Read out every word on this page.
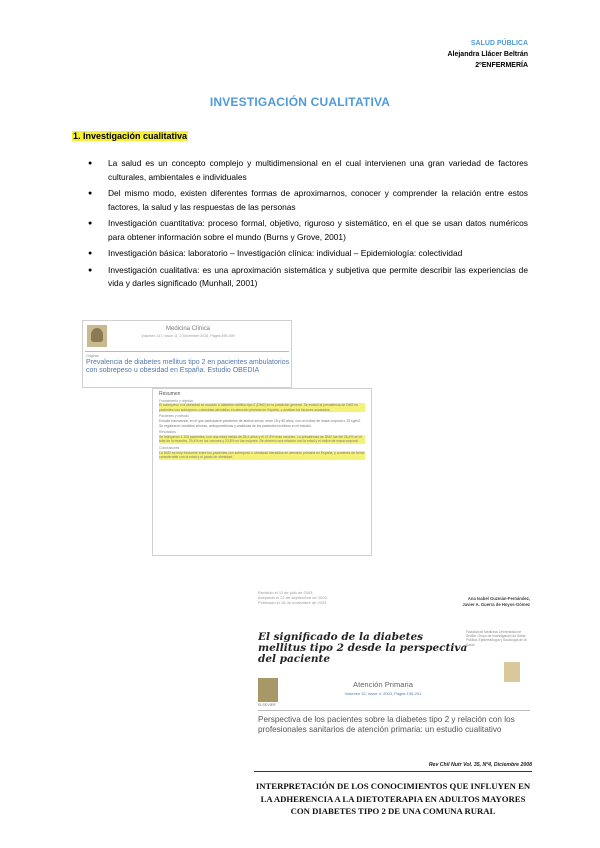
SALUD PÚBLICA
Alejandra Llácer Beltrán
2ºENFERMERÍA
INVESTIGACIÓN CUALITATIVA
1. Investigación cualitativa
● La salud es un concepto complejo y multidimensional en el cual intervienen una gran variedad de factores culturales, ambientales e individuales
● Del mismo modo, existen diferentes formas de aproximarnos, conocer y comprender la relación entre estos factores, la salud y las respuestas de las personas
● Investigación cuantitativa: proceso formal, objetivo, riguroso y sistemático, en el que se usan datos numéricos para obtener información sobre el mundo (Burns y Grove, 2001)
● Investigación básica: laboratorio – Investigación clínica: individual – Epidemiología: colectividad
● Investigación cualitativa: es una aproximación sistemática y subjetiva que permite describir las experiencias de vida y darles significado (Munhall, 2001)
Medicina Clínica
Volumen 147, Issue 11, 2 December 2016, Pages 495-499
Original
Prevalencia de diabetes mellitus tipo 2 en pacientes ambulatorios con sobrepeso u obesidad en España. Estudio OBEDIA
Resumen
Fundamento y objetivo
El sobrepeso o la obesidad se asocian a diabetes mellitus tipo 2 (DM2) en la población general. Se evaluó la prevalencia de DM2 en pacientes con sobrepeso u obesidad atendidos en atención primaria en España, y analizar los factores asociados.
Pacientes y método
Estudio transversal, en el que participaron pacientes de ambos sexos, entre 18 y 80 años, con un índice de masa corporal ≥ 25 kg/m2. Se registraron variables clínicas, antropométricas y analíticas de los pacientes incluidos en el estudio.
Resultados
Se incluyeron 1.103 pacientes, con una edad media de 55,4 años y el 47,8% eran varones. La prevalencia de DM2 fue del 26,4% en el total de la muestra, 29,4% en los varones y 23,8% en las mujeres. Se observó una relación con la edad y el índice de masa corporal.
Conclusiones
La DM2 es muy frecuente entre los pacientes con sobrepeso u obesidad atendidos en atención primaria en España, y aumenta de forma considerable con la edad y el grado de obesidad.
Recibido el 11 de julio de 2003
Aceptado el 22 de septiembre de 2003
Publicado el 18 de noviembre de 2003
Ana Isabel Guzmán-Fernández, Javier A. Guerra de Hoyos-Gómez
Facultad de Medicina, Universidad de Sevilla. Grupo de Investigación de Salud Pública, Epidemiología y Sociología de la Salud
El significado de la diabetes mellitus tipo 2 desde la perspectiva del paciente
ELSEVIER
Atención Primaria
Volumen 32, Issue 4, 2003, Pages 195-201
Perspectiva de los pacientes sobre la diabetes tipo 2 y relación con los profesionales sanitarios de atención primaria: un estudio cualitativo
Rev Chil Nutr Vol. 35, Nº4, Diciembre 2008
INTERPRETACIÓN DE LOS CONOCIMIENTOS QUE INFLUYEN EN LA ADHERENCIA A LA DIETOTERAPIA EN ADULTOS MAYORES CON DIABETES TIPO 2 DE UNA COMUNA RURAL
